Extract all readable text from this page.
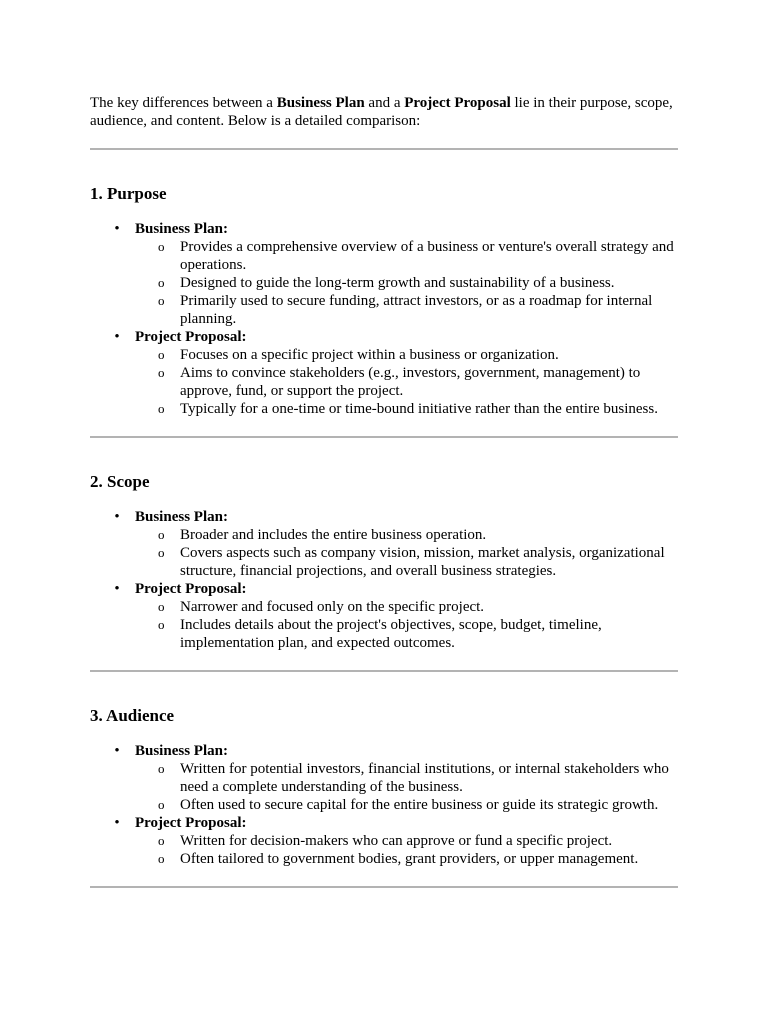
The key differences between a Business Plan and a Project Proposal lie in their purpose, scope, audience, and content. Below is a detailed comparison:

1. Purpose
• Business Plan:
o Provides a comprehensive overview of a business or venture's overall strategy and operations.
o Designed to guide the long-term growth and sustainability of a business.
o Primarily used to secure funding, attract investors, or as a roadmap for internal planning.
• Project Proposal:
o Focuses on a specific project within a business or organization.
o Aims to convince stakeholders (e.g., investors, government, management) to approve, fund, or support the project.
o Typically for a one-time or time-bound initiative rather than the entire business.
2. Scope
• Business Plan:
o Broader and includes the entire business operation.
o Covers aspects such as company vision, mission, market analysis, organizational structure, financial projections, and overall business strategies.
• Project Proposal:
o Narrower and focused only on the specific project.
o Includes details about the project's objectives, scope, budget, timeline, implementation plan, and expected outcomes.
3. Audience
• Business Plan:
o Written for potential investors, financial institutions, or internal stakeholders who need a complete understanding of the business.
o Often used to secure capital for the entire business or guide its strategic growth.
• Project Proposal:
o Written for decision-makers who can approve or fund a specific project.
o Often tailored to government bodies, grant providers, or upper management.
